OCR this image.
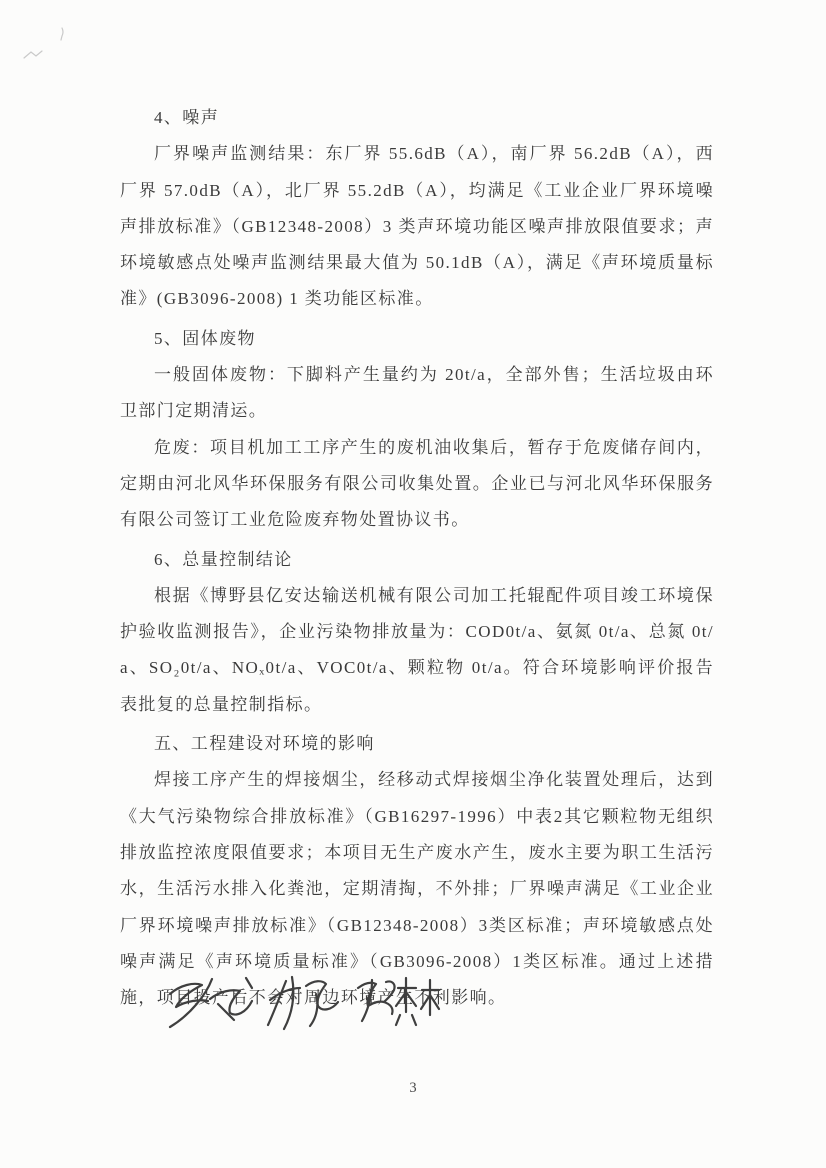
4、噪声

厂界噪声监测结果：东厂界 55.6dB（A），南厂界 56.2dB（A），西厂界 57.0dB（A），北厂界 55.2dB（A），均满足《工业企业厂界环境噪声排放标准》（GB12348-2008）3 类声环境功能区噪声排放限值要求；声环境敏感点处噪声监测结果最大值为 50.1dB（A），满足《声环境质量标准》(GB3096-2008) 1 类功能区标准。

5、固体废物

一般固体废物：下脚料产生量约为 20t/a，全部外售；生活垃圾由环卫部门定期清运。

危废：项目机加工工序产生的废机油收集后，暂存于危废储存间内，定期由河北风华环保服务有限公司收集处置。企业已与河北风华环保服务有限公司签订工业危险废弃物处置协议书。

6、总量控制结论

根据《博野县亿安达输送机械有限公司加工托辊配件项目竣工环境保护验收监测报告》，企业污染物排放量为：COD0t/a、氨氮 0t/a、总氮 0t/a、SO₂0t/a、NOₓ0t/a、VOC0t/a、颗粒物 0t/a。符合环境影响评价报告表批复的总量控制指标。

五、工程建设对环境的影响

焊接工序产生的焊接烟尘，经移动式焊接烟尘净化装置处理后，达到《大气污染物综合排放标准》（GB16297-1996）中表2其它颗粒物无组织排放监控浓度限值要求；本项目无生产废水产生，废水主要为职工生活污水，生活污水排入化粪池，定期清掏，不外排；厂界噪声满足《工业企业厂界环境噪声排放标准》（GB12348-2008）3类区标准；声环境敏感点处噪声满足《声环境质量标准》（GB3096-2008）1类区标准。通过上述措施，项目投产后不会对周边环境产生不利影响。

3
